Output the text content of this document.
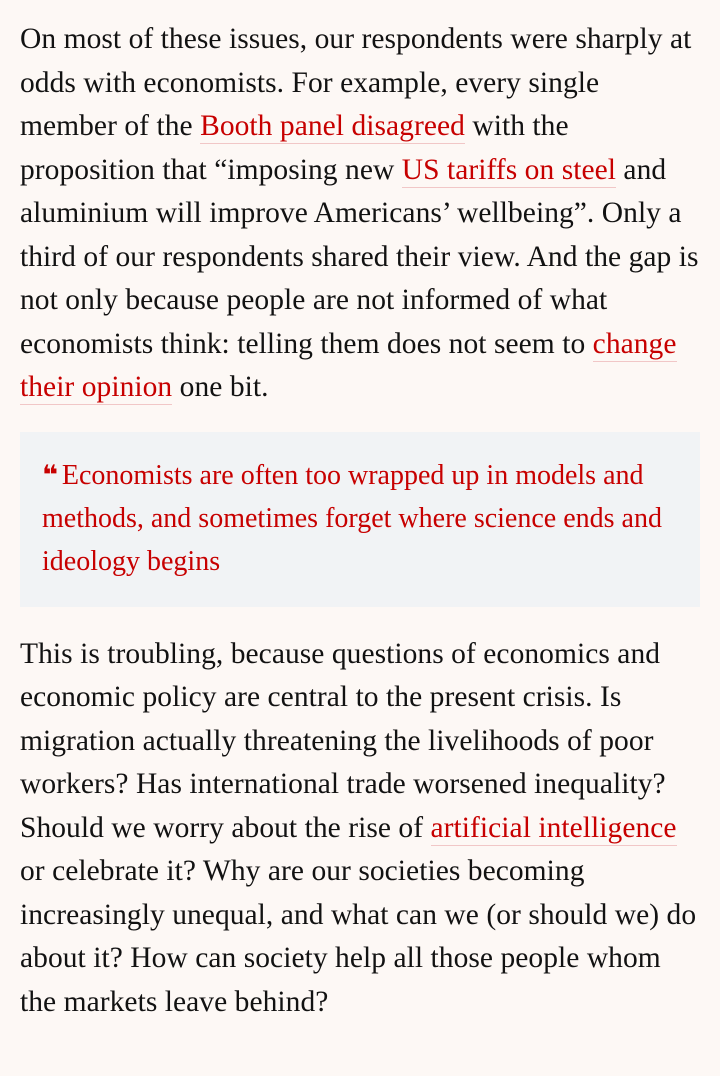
On most of these issues, our respondents were sharply at odds with economists. For example, every single member of the Booth panel disagreed with the proposition that “imposing new US tariffs on steel and aluminium will improve Americans’ wellbeing”. Only a third of our respondents shared their view. And the gap is not only because people are not informed of what economists think: telling them does not seem to change their opinion one bit.

❝ Economists are often too wrapped up in models and methods, and sometimes forget where science ends and ideology begins

This is troubling, because questions of economics and economic policy are central to the present crisis. Is migration actually threatening the livelihoods of poor workers? Has international trade worsened inequality? Should we worry about the rise of artificial intelligence or celebrate it? Why are our societies becoming increasingly unequal, and what can we (or should we) do about it? How can society help all those people whom the markets leave behind?
